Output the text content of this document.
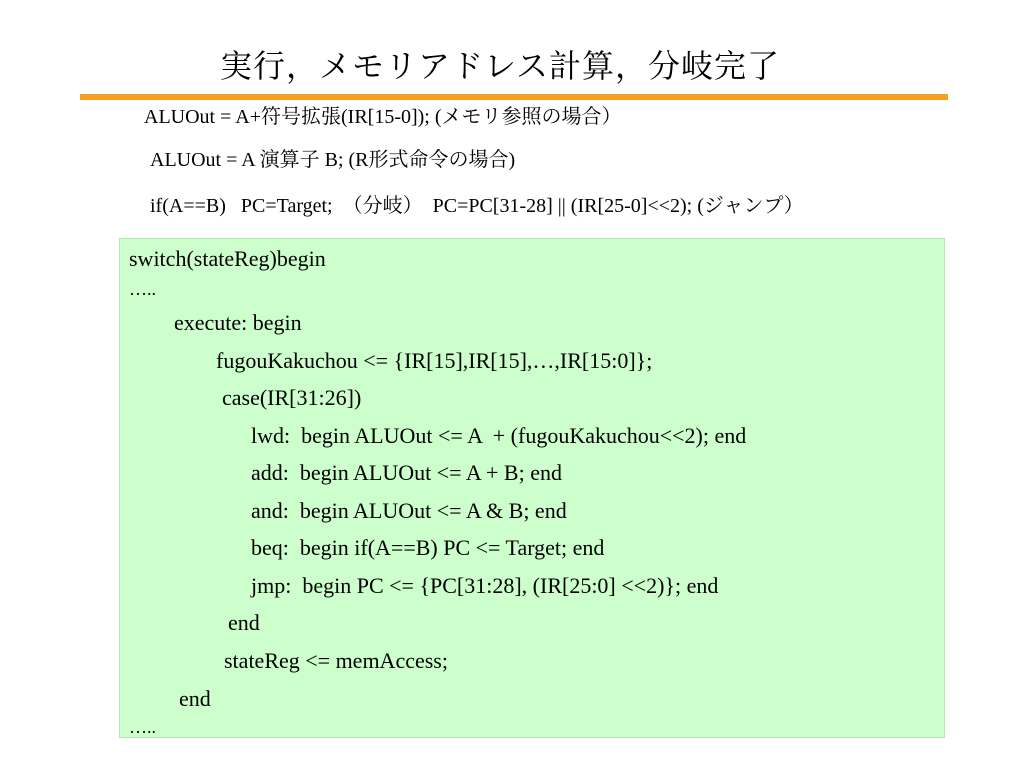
実行，メモリアドレス計算，分岐完了
ALUOut = A+符号拡張(IR[15-0]); (メモリ参照の場合）
ALUOut = A 演算子 B; (R形式命令の場合)
if(A==B)   PC=Target;  （分岐）  PC=PC[31-28] || (IR[25-0]<<2); (ジャンプ）
switch(stateReg)begin
…..
execute: begin
fugouKakuchou <= {IR[15],IR[15],…,IR[15:0]};
case(IR[31:26])
lwd:  begin ALUOut <= A  + (fugouKakuchou<<2); end
add:  begin ALUOut <= A + B; end
and:  begin ALUOut <= A & B; end
beq:  begin if(A==B) PC <= Target; end
jmp:  begin PC <= {PC[31:28], (IR[25:0] <<2)}; end
end
stateReg <= memAccess;
end
…..
